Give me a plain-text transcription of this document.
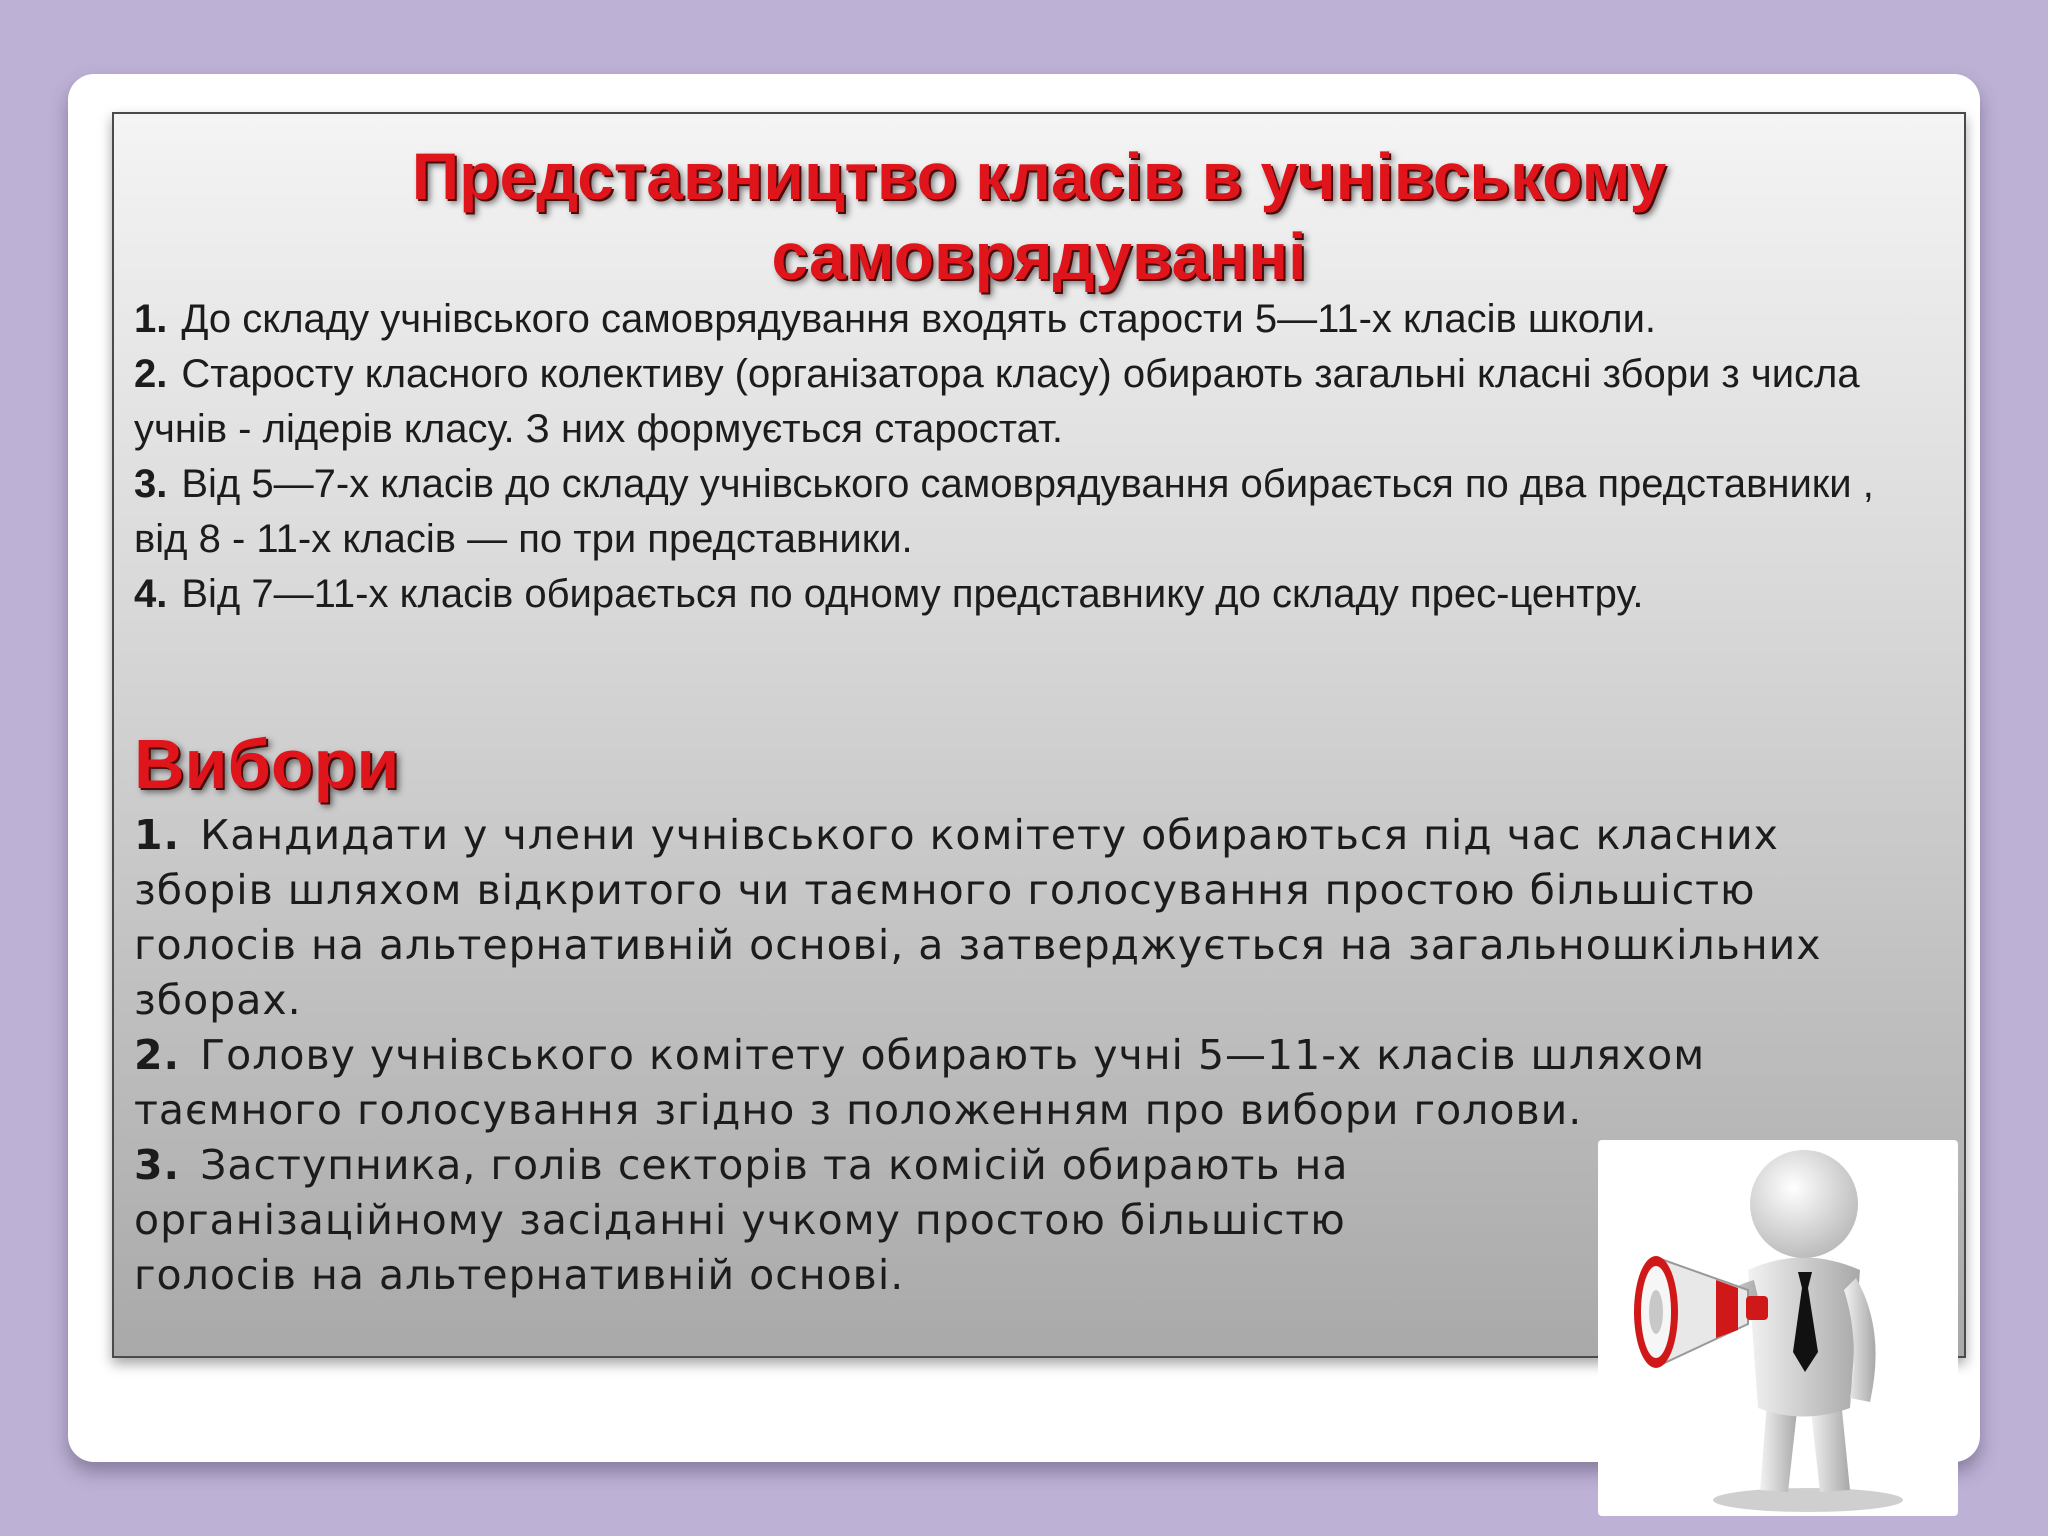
Представництво класів в учнівському
самоврядуванні

1. До складу учнівського самоврядування входять старости 5—11-х класів школи.

2. Старосту класного колективу (організатора класу) обирають загальні класні збори з числа учнів - лідерів класу. З них формується старостат.

3. Від 5—7-х класів до складу учнівського самоврядування обирається по два представники ,

від 8 - 11-х класів — по три представники.

4. Від 7—11-х класів обирається по одному представнику до складу прес-центру.

Вибори

1. Кандидати у члени учнівського комітету обираються під час класних зборів шляхом відкритого чи таємного голосування простою більшістю голосів на альтернативній основі, а затверджується на загальношкільних зборах.

2. Голову учнівського комітету обирають учні 5—11-х класів шляхом таємного голосування згідно з положенням про вибори голови.

3. Заступника, голів секторів та комісій обирають на організаційному засіданні учкому простою більшістю голосів на альтернативній основі.
